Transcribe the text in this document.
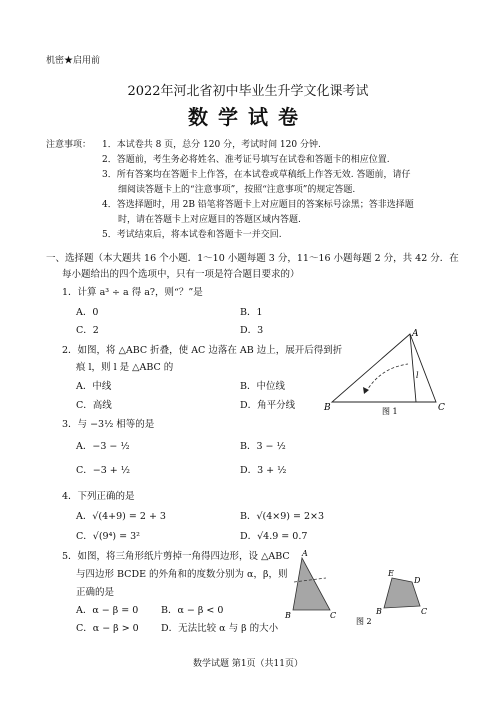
机密★启用前
2022年河北省初中毕业生升学文化课考试
数学试卷
注意事项： 1．本试卷共 8 页，总分 120 分，考试时间 120 分钟.
2．答题前，考生务必将姓名、准考证号填写在试卷和答题卡的相应位置.
3．所有答案均在答题卡上作答，在本试卷或草稿纸上作答无效. 答题前，请仔
细阅读答题卡上的“注意事项”，按照“注意事项”的规定答题.
4．答选择题时，用 2B 铅笔将答题卡上对应题目的答案标号涂黑；答非选择题
时，请在答题卡上对应题目的答题区域内答题.
5．考试结束后，将本试卷和答题卡一并交回.
一、选择题（本大题共 16 个小题．1～10 小题每题 3 分，11～16 小题每题 2 分，共 42 分．在
每小题给出的四个选项中，只有一项是符合题目要求的）
1．计算 a³ ÷ a 得 a?，则“？”是
A．0	B．1
C．2	D．3
2．如图，将 △ABC 折叠，使 AC 边落在 AB 边上，展开后得到折
痕 l，则 l 是 △ABC 的
A．中线	B．中位线
C．高线	D．角平分线
A
B	C
l
图 1
3．与 −3½ 相等的是
A．−3 − ½	B．3 − ½
C．−3 + ½	D．3 + ½
4．下列正确的是
A．√(4+9) = 2 + 3	B．√(4×9) = 2×3
C．√(9⁴) = 3²	D．√4.9 = 0.7
5．如图，将三角形纸片剪掉一角得四边形，设 △ABC
与四边形 BCDE 的外角和的度数分别为 α，β，则
正确的是
A．α − β = 0 B．α − β < 0
C．α − β > 0 D．无法比较 α 与 β 的大小
A
B	C
E
D
B	C
图 2
数学试题 第1页（共11页）
